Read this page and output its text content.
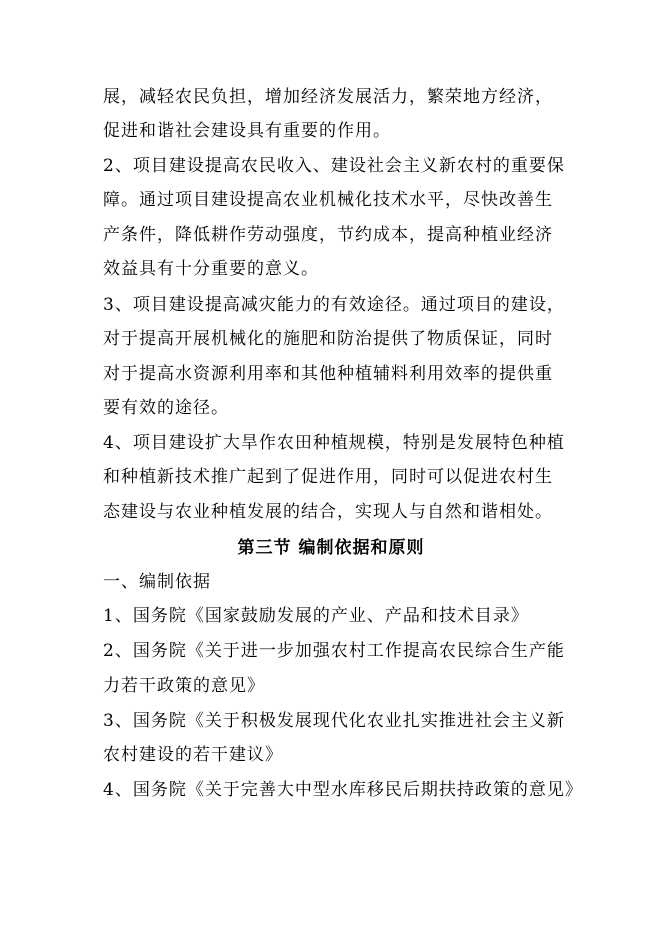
展，减轻农民负担，增加经济发展活力，繁荣地方经济，
促进和谐社会建设具有重要的作用。
2、项目建设提高农民收入、建设社会主义新农村的重要保
障。通过项目建设提高农业机械化技术水平，尽快改善生
产条件，降低耕作劳动强度，节约成本，提高种植业经济
效益具有十分重要的意义。
3、项目建设提高减灾能力的有效途径。通过项目的建设，
对于提高开展机械化的施肥和防治提供了物质保证，同时
对于提高水资源利用率和其他种植辅料利用效率的提供重
要有效的途径。
4、项目建设扩大旱作农田种植规模，特别是发展特色种植
和种植新技术推广起到了促进作用，同时可以促进农村生
态建设与农业种植发展的结合，实现人与自然和谐相处。
第三节 编制依据和原则
一、编制依据
1、国务院《国家鼓励发展的产业、产品和技术目录》
2、国务院《关于进一步加强农村工作提高农民综合生产能
力若干政策的意见》
3、国务院《关于积极发展现代化农业扎实推进社会主义新
农村建设的若干建议》
4、国务院《关于完善大中型水库移民后期扶持政策的意见》
